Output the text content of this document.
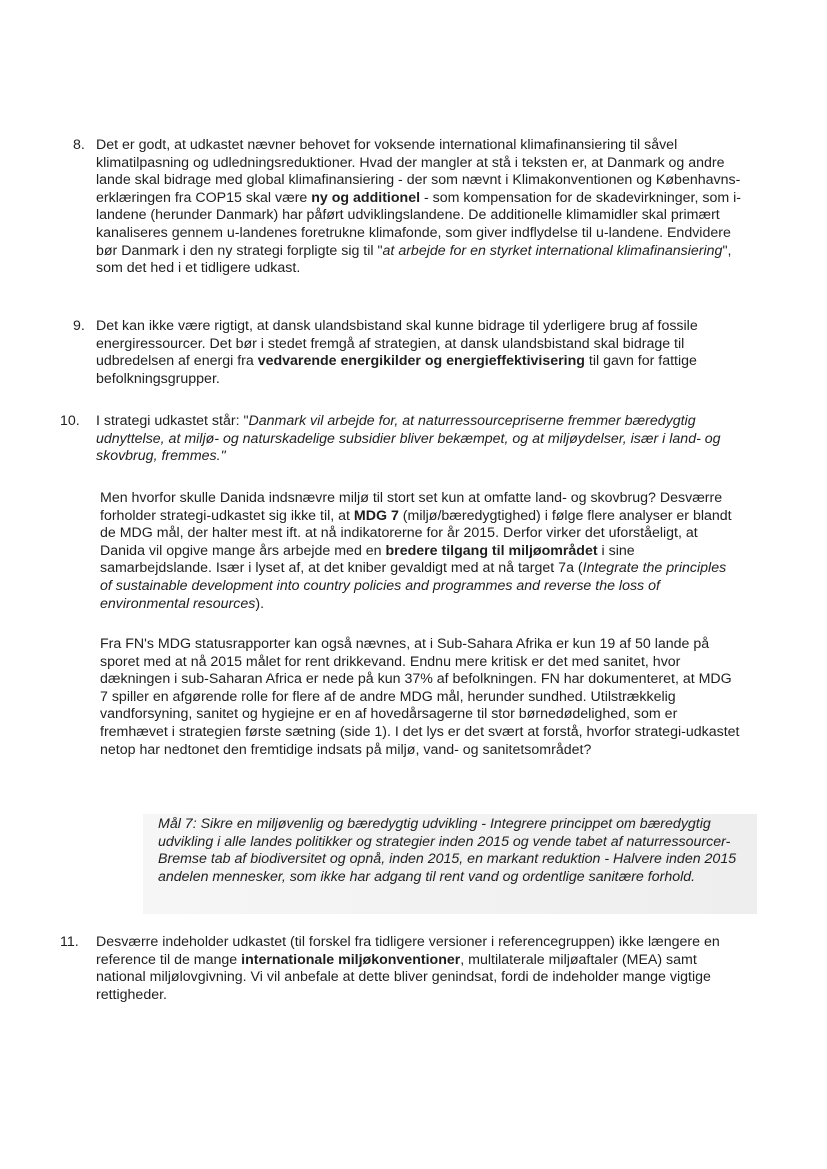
8. Det er godt, at udkastet nævner behovet for voksende international klimafinansiering til såvel klimatilpasning og udledningsreduktioner. Hvad der mangler at stå i teksten er, at Danmark og andre lande skal bidrage med global klimafinansiering - der som nævnt i Klimakonventionen og Københavns-erklæringen fra COP15 skal være ny og additionel - som kompensation for de skadevirkninger, som i-landene (herunder Danmark) har påført udviklingslandene. De additionelle klimamidler skal primært kanaliseres gennem u-landenes foretrukne klimafonde, som giver indflydelse til u-landene. Endvidere bør Danmark i den ny strategi forpligte sig til "at arbejde for en styrket international klimafinansiering", som det hed i et tidligere udkast.

9. Det kan ikke være rigtigt, at dansk ulandsbistand skal kunne bidrage til yderligere brug af fossile energiressourcer. Det bør i stedet fremgå af strategien, at dansk ulandsbistand skal bidrage til udbredelsen af energi fra vedvarende energikilder og energieffektivisering til gavn for fattige befolkningsgrupper.

10. I strategi udkastet står: "Danmark vil arbejde for, at naturressourcepriserne fremmer bæredygtig udnyttelse, at miljø- og naturskadelige subsidier bliver bekæmpet, og at miljøydelser, især i land- og skovbrug, fremmes."

Men hvorfor skulle Danida indsnævre miljø til stort set kun at omfatte land- og skovbrug? Desværre forholder strategi-udkastet sig ikke til, at MDG 7 (miljø/bæredygtighed) i følge flere analyser er blandt de MDG mål, der halter mest ift. at nå indikatorerne for år 2015. Derfor virker det uforståeligt, at Danida vil opgive mange års arbejde med en bredere tilgang til miljøområdet i sine samarbejdslande. Især i lyset af, at det kniber gevaldigt med at nå target 7a (Integrate the principles of sustainable development into country policies and programmes and reverse the loss of environmental resources).

Fra FN's MDG statusrapporter kan også nævnes, at i Sub-Sahara Afrika er kun 19 af 50 lande på sporet med at nå 2015 målet for rent drikkevand. Endnu mere kritisk er det med sanitet, hvor dækningen i sub-Saharan Africa er nede på kun 37% af befolkningen. FN har dokumenteret, at MDG 7 spiller en afgørende rolle for flere af de andre MDG mål, herunder sundhed. Utilstrækkelig vandforsyning, sanitet og hygiejne er en af hovedårsagerne til stor børnedødelighed, som er fremhævet i strategien første sætning (side 1). I det lys er det svært at forstå, hvorfor strategi-udkastet netop har nedtonet den fremtidige indsats på miljø, vand- og sanitetsområdet?

Mål 7: Sikre en miljøvenlig og bæredygtig udvikling - Integrere princippet om bæredygtig udvikling i alle landes politikker og strategier inden 2015 og vende tabet af naturressourcer- Bremse tab af biodiversitet og opnå, inden 2015, en markant reduktion - Halvere inden 2015 andelen mennesker, som ikke har adgang til rent vand og ordentlige sanitære forhold.

11. Desværre indeholder udkastet (til forskel fra tidligere versioner i referencegruppen) ikke længere en reference til de mange internationale miljøkonventioner, multilaterale miljøaftaler (MEA) samt national miljølovgivning. Vi vil anbefale at dette bliver genindsat, fordi de indeholder mange vigtige rettigheder.
